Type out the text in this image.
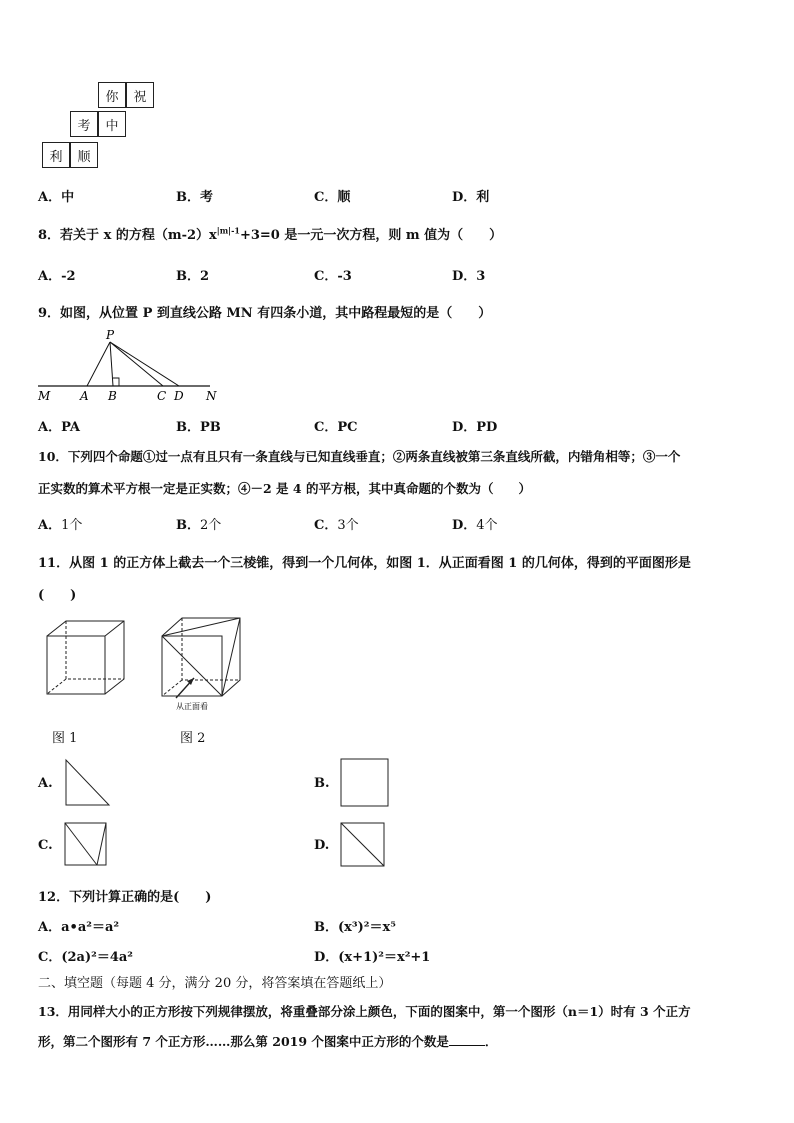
你	祝
考	中
利	顺
A．中	B．考	C．顺	D．利
8．若关于 x 的方程$(m-2)x^{|m|-1}+3=0$ 是一元一次方程，则 m 值为（　　）
A．-2	B．2	C．-3	D．3
9．如图，从位置 P 到直线公路 MN 有四条小道，其中路程最短的是（　　）
P
M A B	C D N
A．PA	B．PB	C．PC	D．PD
10．下列四个命题①过一点有且只有一条直线与已知直线垂直；②两条直线被第三条直线所截，内错角相等；③一个
正实数的算术平方根一定是正实数；④－2 是 4 的平方根，其中真命题的个数为（　　）
A．1个	B．2个	C．3个	D．4个
11．从图 1 的正方体上截去一个三棱锥，得到一个几何体，如图 1．从正面看图 1 的几何体，得到的平面图形是
(　　)
从正面看
图 1	图 2
A.	B.
C.	D.
12．下列计算正确的是(　　)
A．a•a²＝a²	B．(x³)²＝x⁵
C．(2a)²＝4a²	D．(x+1)²＝x²+1
二、填空题（每题 4 分，满分 20 分，将答案填在答题纸上）
13．用同样大小的正方形按下列规律摆放，将重叠部分涂上颜色，下面的图案中，第一个图形（n＝1）时有 3 个正方
形，第二个图形有 7 个正方形……那么第 2019 个图案中正方形的个数是	．
